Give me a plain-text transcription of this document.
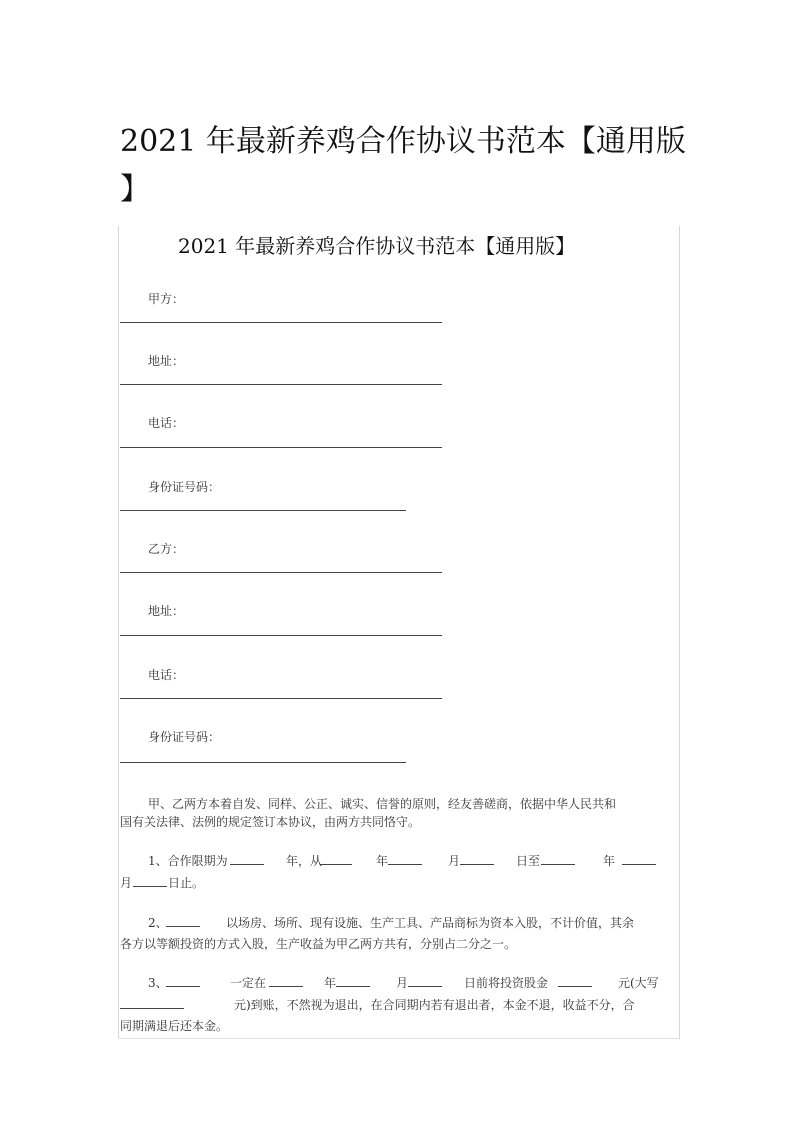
2021 年最新养鸡合作协议书范本【通用版
】
2021 年最新养鸡合作协议书范本【通用版】
甲方：
地址：
电话：
身份证号码：
乙方：
地址：
电话：
身份证号码：
甲、乙两方本着自发、同样、公正、诚实、信誉的原则，经友善磋商，依据中华人民共和
国有关法律、法例的规定签订本协议，由两方共同恪守。
1、合作限期为	年，从	年	月	日至	年
月	日止。
2、	以场房、场所、现有设施、生产工具、产品商标为资本入股，不计价值，其余
各方以等额投资的方式入股，生产收益为甲乙两方共有，分别占二分之一。
3、	一定在	年	月	日前将投资股金	元(大写
元)到账，不然视为退出，在合同期内若有退出者，本金不退，收益不分，合
同期满退后还本金。
